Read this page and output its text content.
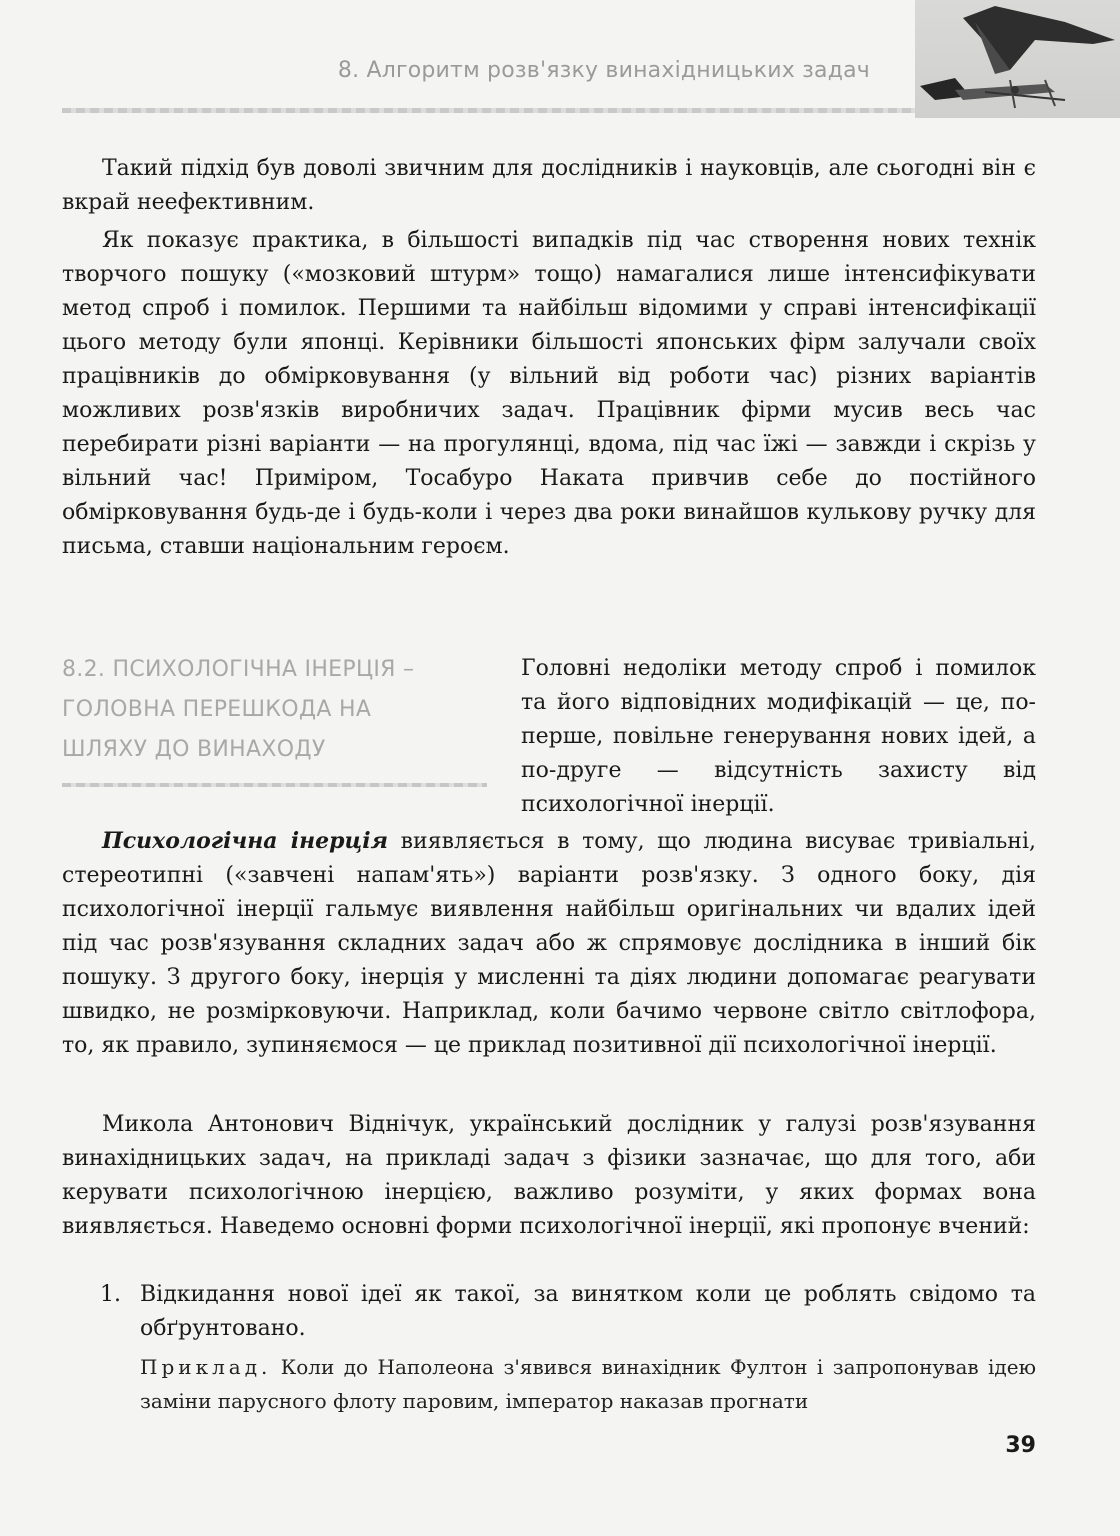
8. Алгоритм розв'язку винахідницьких задач

Такий підхід був доволі звичним для дослідників і науковців, але сьогодні він є вкрай неефективним.

Як показує практика, в більшості випадків під час створення нових технік творчого пошуку («мозковий штурм» тощо) намагалися лише інтенсифікувати метод спроб і помилок. Першими та найбільш відомими у справі інтенсифікації цього методу були японці. Керівники більшості японських фірм залучали своїх працівників до обмірковування (у вільний від роботи час) різних варіантів можливих розв'язків виробничих задач. Працівник фірми мусив весь час перебирати різні варіанти — на прогулянці, вдома, під час їжі — завжди і скрізь у вільний час! Приміром, Тосабуро Наката привчив себе до постійного обмірковування будь-де і будь-коли і через два роки винайшов кулькову ручку для письма, ставши національним героєм.

8.2. ПСИХОЛОГІЧНА ІНЕРЦІЯ –
ГОЛОВНА ПЕРЕШКОДА НА
ШЛЯХУ ДО ВИНАХОДУ

Головні недоліки методу спроб і помилок та його відповідних модифікацій — це, по-перше, повільне генерування нових ідей, а по-друге — відсутність захисту від психологічної інерції.

Психологічна інерція виявляється в тому, що людина висуває тривіальні, стереотипні («завчені напам'ять») варіанти розв'язку. З одного боку, дія психологічної інерції гальмує виявлення найбільш оригінальних чи вдалих ідей під час розв'язування складних задач або ж спрямовує дослідника в інший бік пошуку. З другого боку, інерція у мисленні та діях людини допомагає реагувати швидко, не розмірковуючи. Наприклад, коли бачимо червоне світло світлофора, то, як правило, зупиняємося — це приклад позитивної дії психологічної інерції.

Микола Антонович Віднічук, український дослідник у галузі розв'язування винахідницьких задач, на прикладі задач з фізики зазначає, що для того, аби керувати психологічною інерцією, важливо розуміти, у яких формах вона виявляється. Наведемо основні форми психологічної інерції, які пропонує вчений:

1. Відкидання нової ідеї як такої, за винятком коли це роблять свідомо та обґрунтовано.

Приклад. Коли до Наполеона з'явився винахідник Фултон і запропонував ідею заміни парусного флоту паровим, імператор наказав прогнати

39
